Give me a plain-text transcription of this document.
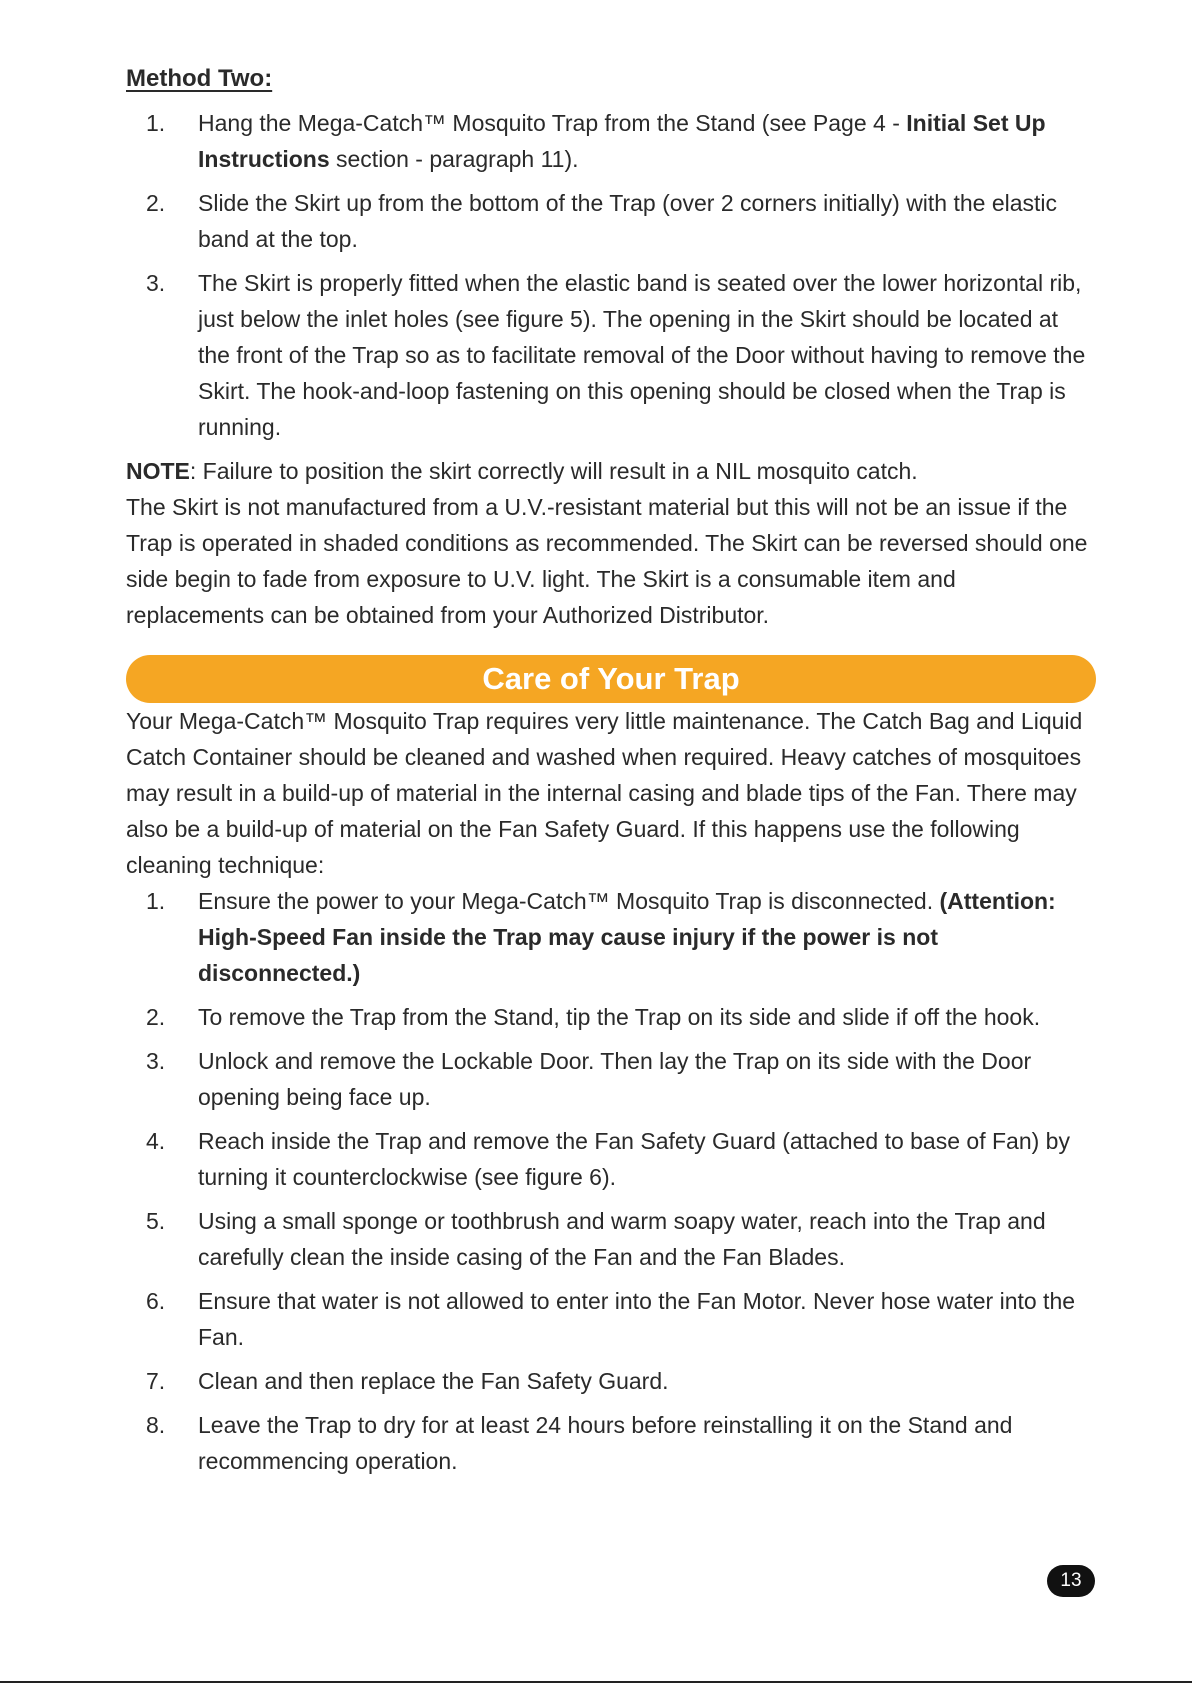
Method Two:
1.	Hang the Mega-Catch™ Mosquito Trap from the Stand (see Page 4 - Initial Set Up Instructions section - paragraph 11).
2.	Slide the Skirt up from the bottom of the Trap (over 2 corners initially) with the elastic band at the top.
3.	The Skirt is properly fitted when the elastic band is seated over the lower horizontal rib, just below the inlet holes (see figure 5). The opening in the Skirt should be located at the front of the Trap so as to facilitate removal of the Door without having to remove the Skirt. The hook-and-loop fastening on this opening should be closed when the Trap is running.

NOTE: Failure to position the skirt correctly will result in a NIL mosquito catch.

The Skirt is not manufactured from a U.V.-resistant material but this will not be an issue if the Trap is operated in shaded conditions as recommended. The Skirt can be reversed should one side begin to fade from exposure to U.V. light. The Skirt is a consumable item and replacements can be obtained from your Authorized Distributor.

Care of Your Trap

Your Mega-Catch™ Mosquito Trap requires very little maintenance. The Catch Bag and Liquid Catch Container should be cleaned and washed when required. Heavy catches of mosquitoes may result in a build-up of material in the internal casing and blade tips of the Fan. There may also be a build-up of material on the Fan Safety Guard. If this happens use the following cleaning technique:

1.	Ensure the power to your Mega-Catch™ Mosquito Trap is disconnected. (Attention: High-Speed Fan inside the Trap may cause injury if the power is not disconnected.)
2.	To remove the Trap from the Stand, tip the Trap on its side and slide if off the hook.
3.	Unlock and remove the Lockable Door. Then lay the Trap on its side with the Door opening being face up.
4.	Reach inside the Trap and remove the Fan Safety Guard (attached to base of Fan) by turning it counterclockwise (see figure 6).
5.	Using a small sponge or toothbrush and warm soapy water, reach into the Trap and carefully clean the inside casing of the Fan and the Fan Blades.
6.	Ensure that water is not allowed to enter into the Fan Motor. Never hose water into the Fan.
7.	Clean and then replace the Fan Safety Guard.
8.	Leave the Trap to dry for at least 24 hours before reinstalling it on the Stand and recommencing operation.
13
